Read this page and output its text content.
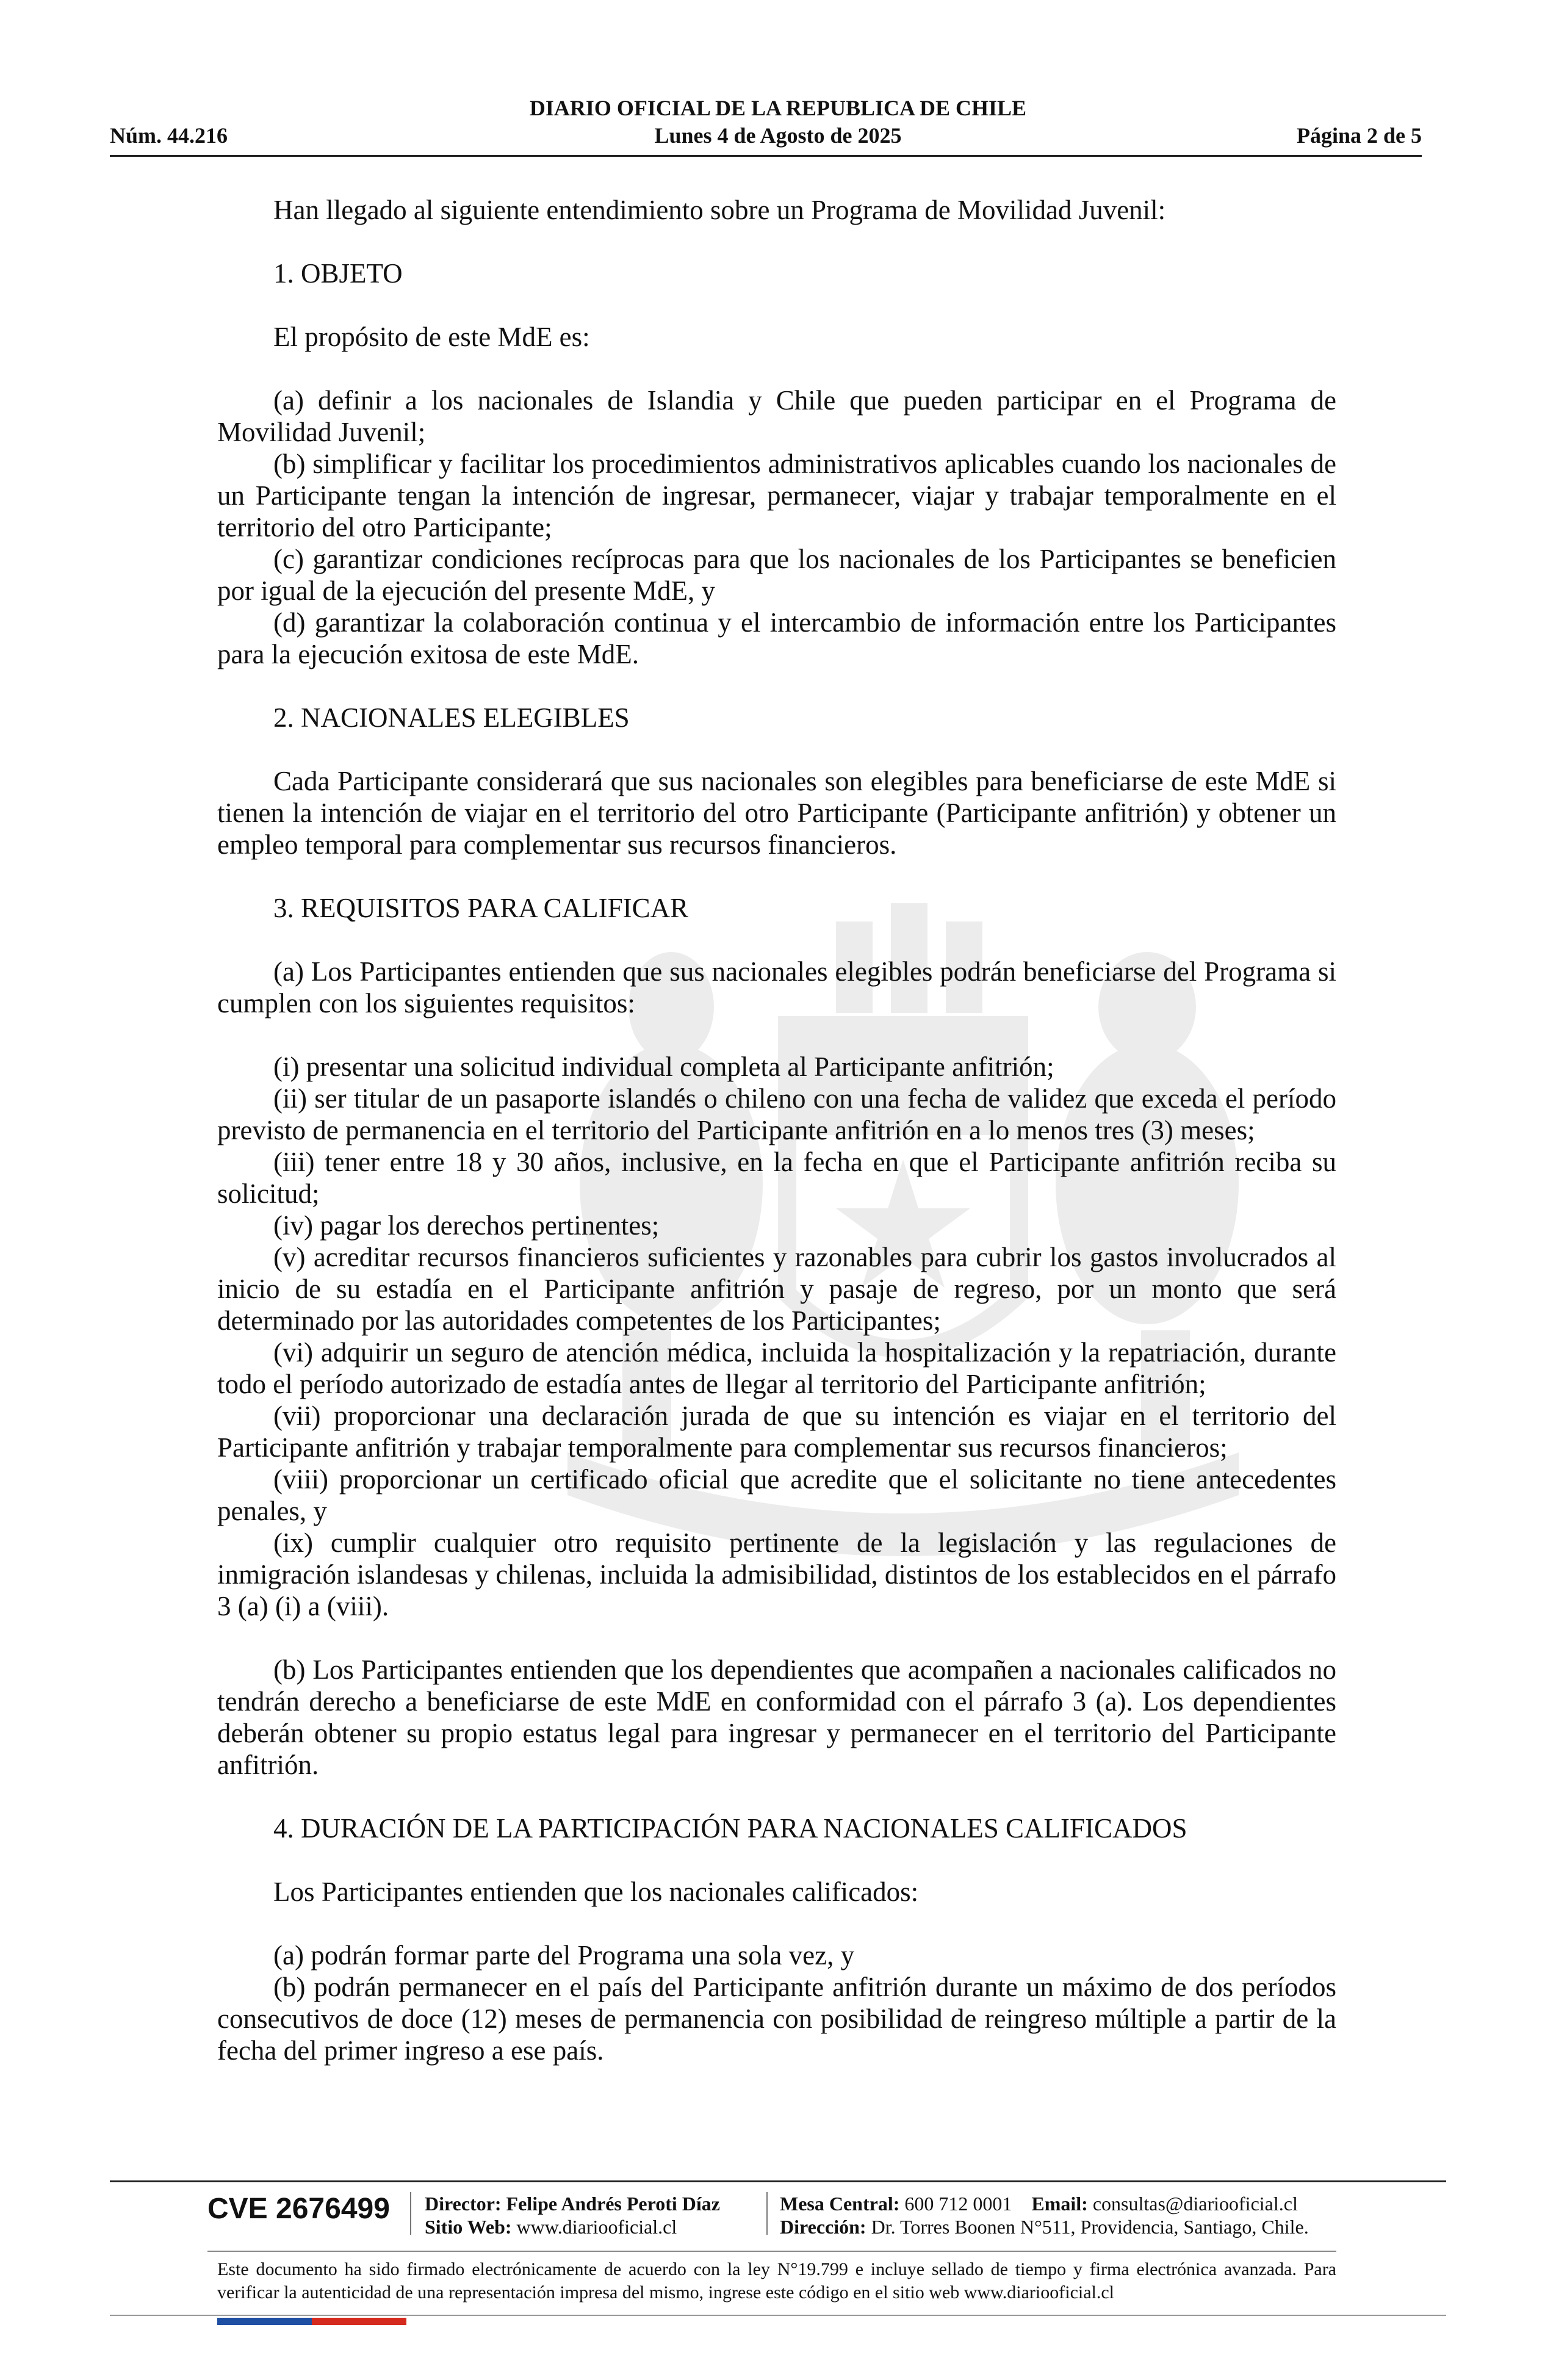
DIARIO OFICIAL DE LA REPUBLICA DE CHILE
Núm. 44.216	Lunes 4 de Agosto de 2025	Página 2 de 5

Han llegado al siguiente entendimiento sobre un Programa de Movilidad Juvenil:

1. OBJETO

El propósito de este MdE es:

(a) definir a los nacionales de Islandia y Chile que pueden participar en el Programa de Movilidad Juvenil;

(b) simplificar y facilitar los procedimientos administrativos aplicables cuando los nacionales de un Participante tengan la intención de ingresar, permanecer, viajar y trabajar temporalmente en el territorio del otro Participante;

(c) garantizar condiciones recíprocas para que los nacionales de los Participantes se beneficien por igual de la ejecución del presente MdE, y

(d) garantizar la colaboración continua y el intercambio de información entre los Participantes para la ejecución exitosa de este MdE.

2. NACIONALES ELEGIBLES

Cada Participante considerará que sus nacionales son elegibles para beneficiarse de este MdE si tienen la intención de viajar en el territorio del otro Participante (Participante anfitrión) y obtener un empleo temporal para complementar sus recursos financieros.

3. REQUISITOS PARA CALIFICAR

(a) Los Participantes entienden que sus nacionales elegibles podrán beneficiarse del Programa si cumplen con los siguientes requisitos:

(i) presentar una solicitud individual completa al Participante anfitrión;

(ii) ser titular de un pasaporte islandés o chileno con una fecha de validez que exceda el período previsto de permanencia en el territorio del Participante anfitrión en a lo menos tres (3) meses;

(iii) tener entre 18 y 30 años, inclusive, en la fecha en que el Participante anfitrión reciba su solicitud;

(iv) pagar los derechos pertinentes;

(v) acreditar recursos financieros suficientes y razonables para cubrir los gastos involucrados al inicio de su estadía en el Participante anfitrión y pasaje de regreso, por un monto que será determinado por las autoridades competentes de los Participantes;

(vi) adquirir un seguro de atención médica, incluida la hospitalización y la repatriación, durante todo el período autorizado de estadía antes de llegar al territorio del Participante anfitrión;

(vii) proporcionar una declaración jurada de que su intención es viajar en el territorio del Participante anfitrión y trabajar temporalmente para complementar sus recursos financieros;

(viii) proporcionar un certificado oficial que acredite que el solicitante no tiene antecedentes penales, y

(ix) cumplir cualquier otro requisito pertinente de la legislación y las regulaciones de inmigración islandesas y chilenas, incluida la admisibilidad, distintos de los establecidos en el párrafo 3 (a) (i) a (viii).

(b) Los Participantes entienden que los dependientes que acompañen a nacionales calificados no tendrán derecho a beneficiarse de este MdE en conformidad con el párrafo 3 (a). Los dependientes deberán obtener su propio estatus legal para ingresar y permanecer en el territorio del Participante anfitrión.

4. DURACIÓN DE LA PARTICIPACIÓN PARA NACIONALES CALIFICADOS

Los Participantes entienden que los nacionales calificados:

(a) podrán formar parte del Programa una sola vez, y

(b) podrán permanecer en el país del Participante anfitrión durante un máximo de dos períodos consecutivos de doce (12) meses de permanencia con posibilidad de reingreso múltiple a partir de la fecha del primer ingreso a ese país.

CVE 2676499 Director: Felipe Andrés Peroti Díaz
Sitio Web: www.diariooficial.cl
Mesa Central: 600 712 0001 Email: consultas@diariooficial.cl
Dirección: Dr. Torres Boonen N°511, Providencia, Santiago, Chile.
Este documento ha sido firmado electrónicamente de acuerdo con la ley N°19.799 e incluye sellado de tiempo y firma electrónica avanzada. Para verificar la autenticidad de una representación impresa del mismo, ingrese este código en el sitio web www.diariooficial.cl
